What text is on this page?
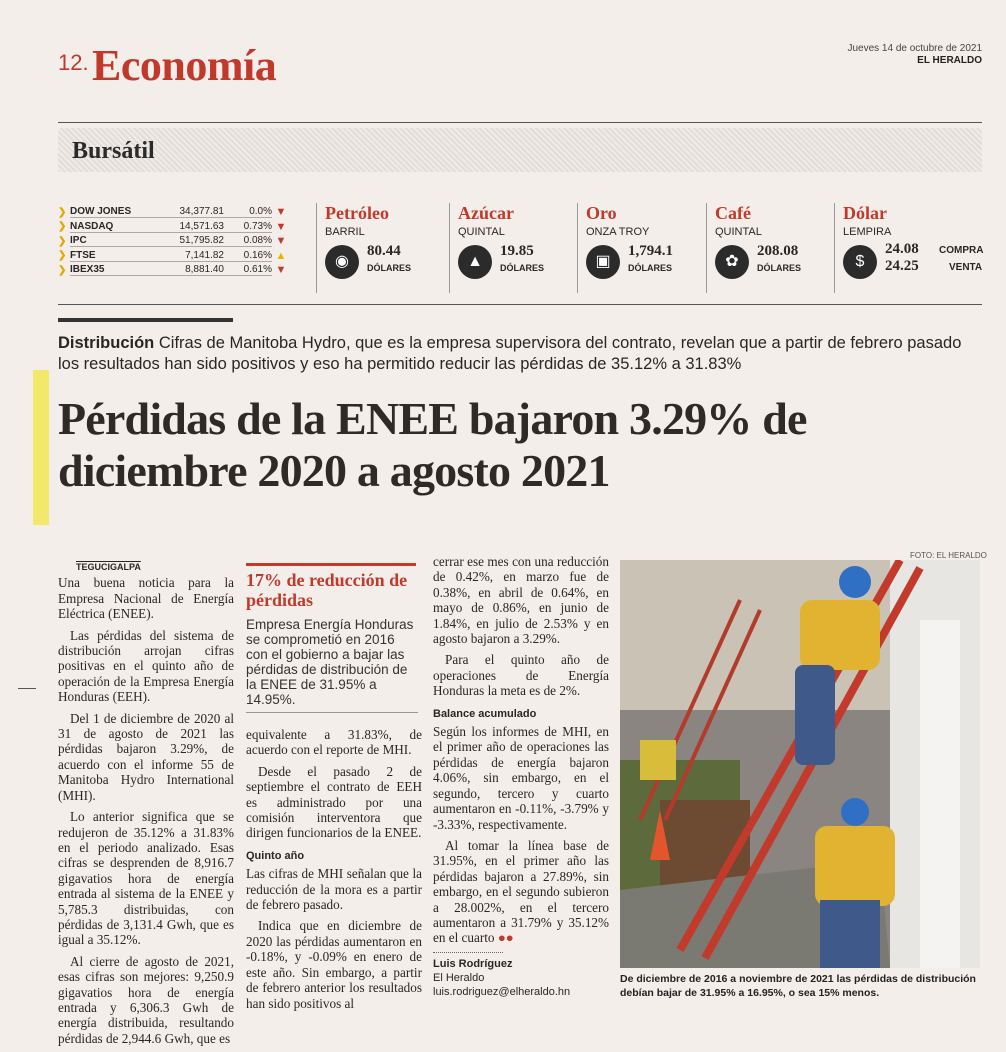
12. Economía	Jueves 14 de octubre de 2021
EL HERALDO
Bursátil
❯ DOW JONES	34,377.81	0.0% ▼
❯ NASDAQ	14,571.63	0.73% ▼
❯ IPC	51,795.82	0.08% ▼
❯ FTSE	7,141.82	0.16% ▲
❯ IBEX35	8,881.40	0.61% ▼
Petróleo
BARRIL
◉
80.44
DÓLARES
Azúcar
QUINTAL
▲
19.85
DÓLARES
Oro
ONZA TROY
▣
1,794.1
DÓLARES
Café
QUINTAL
✿
208.08
DÓLARES
Dólar
LEMPIRA
$
24.08 COMPRA
24.25	VENTA
Distribución Cifras de Manitoba Hydro, que es la empresa supervisora del contrato, revelan que a partir de febrero pasado los resultados han sido positivos y eso ha permitido reducir las pérdidas de 35.12% a 31.83%
Pérdidas de la ENEE bajaron 3.29% de diciembre 2020 a agosto 2021
TEGUCIGALPA

Una buena noticia para la Empresa Nacional de Energía Eléctrica (ENEE).

Las pérdidas del sistema de distribución arrojan cifras positivas en el quinto año de operación de la Empresa Energía Honduras (EEH).

Del 1 de diciembre de 2020 al 31 de agosto de 2021 las pérdidas bajaron 3.29%, de acuerdo con el informe 55 de Manitoba Hydro International (MHI).

Lo anterior significa que se redujeron de 35.12% a 31.83% en el periodo analizado. Esas cifras se desprenden de 8,916.7 gigavatios hora de energía entrada al sistema de la ENEE y 5,785.3 distribuidas, con pérdidas de 3,131.4 Gwh, que es igual a 35.12%.

Al cierre de agosto de 2021, esas cifras son mejores: 9,250.9 gigavatios hora de energía entrada y 6,306.3 Gwh de energía distribuida, resultando pérdidas de 2,944.6 Gwh, que es

17% de reducción de pérdidas
Empresa Energía Honduras se comprometió en 2016 con el gobierno a bajar las pérdidas de distribución de la ENEE de 31.95% a 14.95%.

equivalente a 31.83%, de acuerdo con el reporte de MHI.

Desde el pasado 2 de septiembre el contrato de EEH es administrado por una comisión interventora que dirigen funcionarios de la ENEE.

Quinto año

Las cifras de MHI señalan que la reducción de la mora es a partir de febrero pasado.

Indica que en diciembre de 2020 las pérdidas aumentaron en -0.18%, y -0.09% en enero de este año. Sin embargo, a partir de febrero anterior los resultados han sido positivos al

cerrar ese mes con una reducción de 0.42%, en marzo fue de 0.38%, en abril de 0.64%, en mayo de 0.86%, en junio de 1.84%, en julio de 2.53% y en agosto bajaron a 3.29%.

Para el quinto año de operaciones de Energía Honduras la meta es de 2%.

Balance acumulado

Según los informes de MHI, en el primer año de operaciones las pérdidas de energía bajaron 4.06%, sin embargo, en el segundo, tercero y cuarto aumentaron en -0.11%, -3.79% y -3.33%, respectivamente.

Al tomar la línea base de 31.95%, en el primer año las pérdidas bajaron a 27.89%, sin embargo, en el segundo subieron a 28.002%, en el tercero aumentaron a 31.79% y 35.12% en el cuarto ●●

Luis Rodríguez
El Heraldo
luis.rodriguez@elheraldo.hn
FOTO: EL HERALDO
De diciembre de 2016 a noviembre de 2021 las pérdidas de distribución debían bajar de 31.95% a 16.95%, o sea 15% menos.
